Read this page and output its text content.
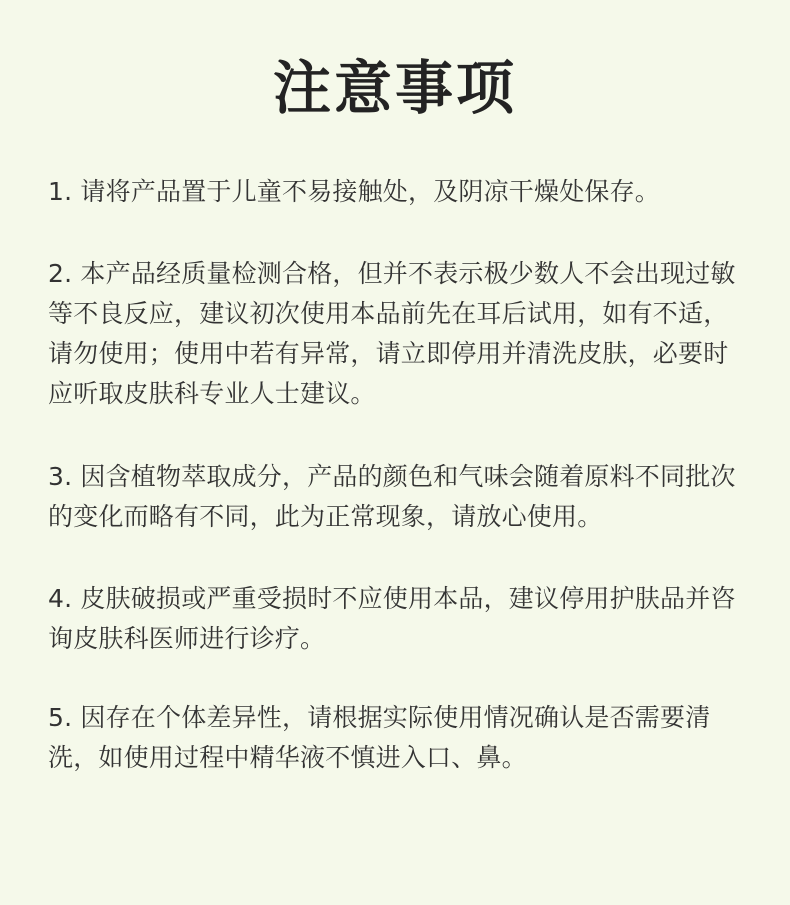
注意事项

1. 请将产品置于儿童不易接触处，及阴凉干燥处保存。

2. 本产品经质量检测合格，但并不表示极少数人不会出现过敏等不良反应，建议初次使用本品前先在耳后试用，如有不适，请勿使用；使用中若有异常，请立即停用并清洗皮肤，必要时应听取皮肤科专业人士建议。

3. 因含植物萃取成分，产品的颜色和气味会随着原料不同批次的变化而略有不同，此为正常现象，请放心使用。

4. 皮肤破损或严重受损时不应使用本品，建议停用护肤品并咨询皮肤科医师进行诊疗。

5. 因存在个体差异性，请根据实际使用情况确认是否需要清洗，如使用过程中精华液不慎进入口、鼻。
